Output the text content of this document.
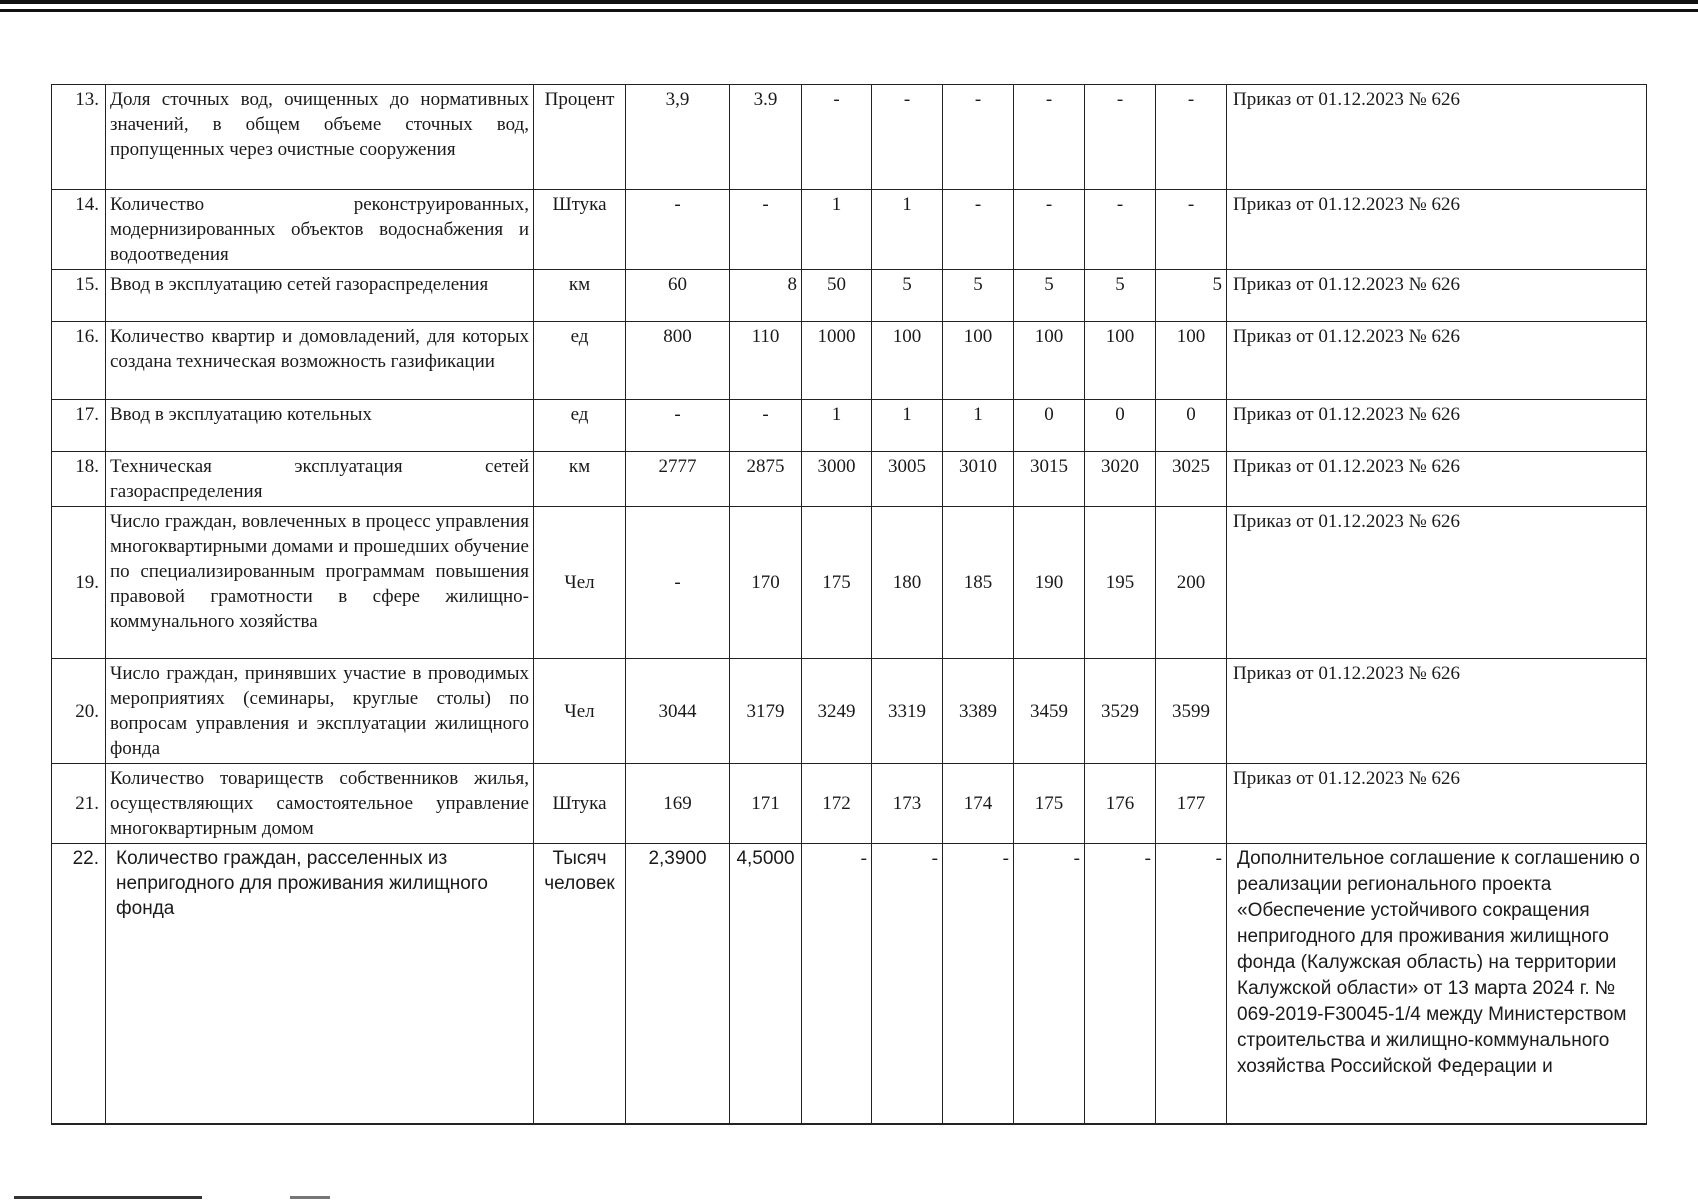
13.	Доля сточных вод, очищенных до нормативных значений, в общем объеме сточных вод, пропущенных через очистные сооружения	Процент	3,9	3.9	-	-	-	-	-	-	Приказ от 01.12.2023 № 626
14.	Количество реконструированных, модернизированных объектов водоснабжения и водоотведения	Штука	-	-	1	1	-	-	-	-	Приказ от 01.12.2023 № 626
15.	Ввод в эксплуатацию сетей газораспределения	км	60	8	50	5	5	5	5	5	Приказ от 01.12.2023 № 626
16.	Количество квартир и домовладений, для которых создана техническая возможность газификации	ед	800	110	1000	100	100	100	100	100	Приказ от 01.12.2023 № 626
17.	Ввод в эксплуатацию котельных	ед	-	-	1	1	1	0	0	0	Приказ от 01.12.2023 № 626
18.	Техническая эксплуатация сетей газораспределения	км	2777	2875	3000	3005	3010	3015	3020	3025	Приказ от 01.12.2023 № 626
19.	Число граждан, вовлеченных в процесс управления многоквартирными домами и прошедших обучение по специализированным программам повышения правовой грамотности в сфере жилищно-коммунального хозяйства	Чел	-	170	175	180	185	190	195	200	Приказ от 01.12.2023 № 626
20.	Число граждан, принявших участие в проводимых мероприятиях (семинары, круглые столы) по вопросам управления и эксплуатации жилищного фонда	Чел	3044	3179	3249	3319	3389	3459	3529	3599	Приказ от 01.12.2023 № 626
21.	Количество товариществ собственников жилья, осуществляющих самостоятельное управление многоквартирным домом	Штука	169	171	172	173	174	175	176	177	Приказ от 01.12.2023 № 626
22.	Количество граждан, расселенных из непригодного для проживания жилищного фонда	Тысяч человек	2,3900	4,5000	-	-	-	-	-	-	Дополнительное соглашение к соглашению о реализации регионального проекта «Обеспечение устойчивого сокращения непригодного для проживания жилищного фонда (Калужская область) на территории Калужской области» от 13 марта 2024 г. № 069-2019-F30045-1/4 между Министерством строительства и жилищно-коммунального хозяйства Российской Федерации и
